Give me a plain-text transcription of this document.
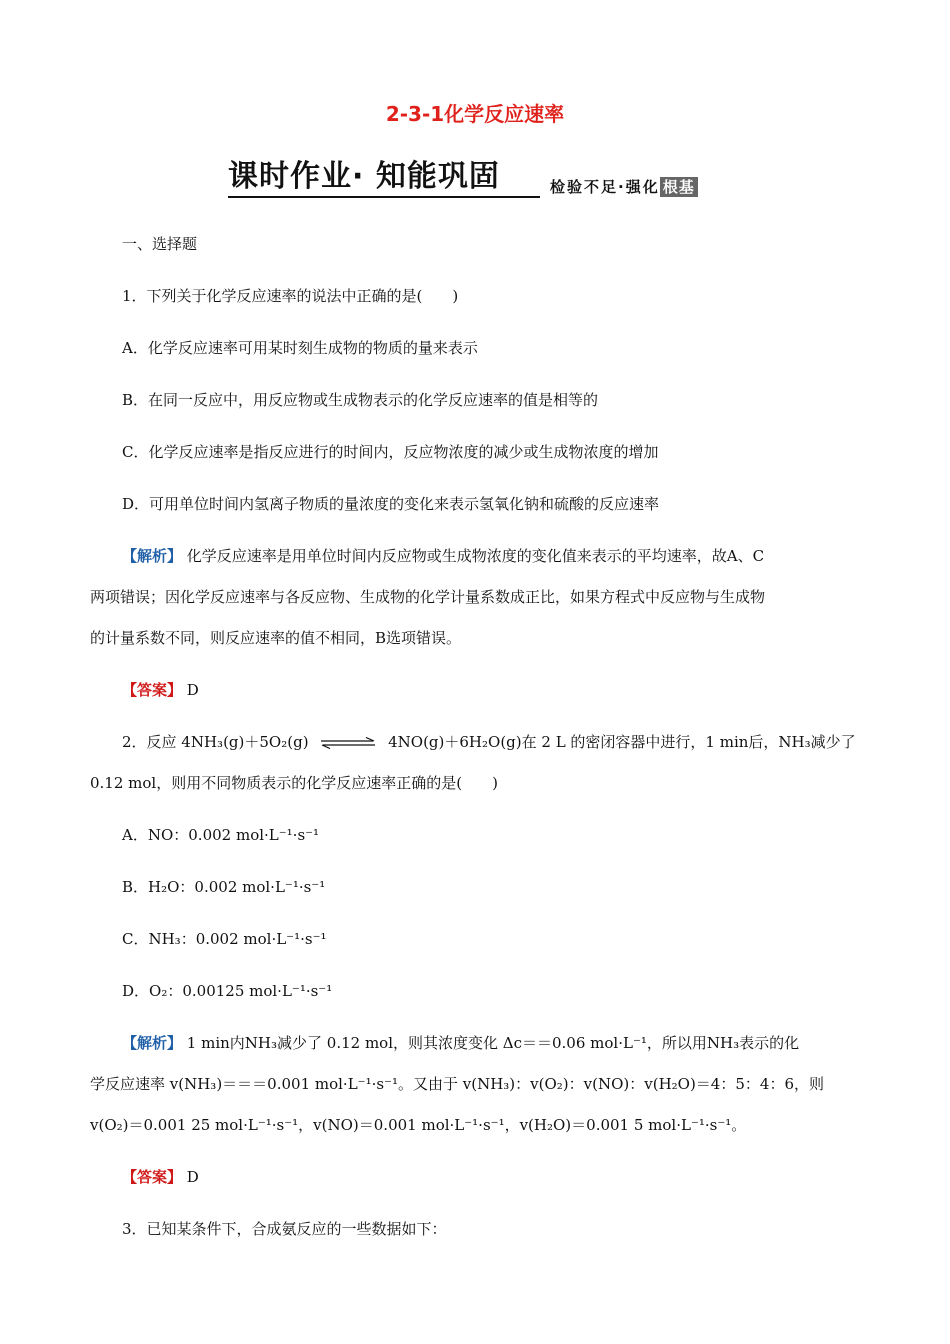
2-3-1化学反应速率
课时作业· 知能巩固	检验不足·强化 根基
一、选择题
1．下列关于化学反应速率的说法中正确的是(　　)
A．化学反应速率可用某时刻生成物的物质的量来表示
B．在同一反应中，用反应物或生成物表示的化学反应速率的值是相等的
C．化学反应速率是指反应进行的时间内，反应物浓度的减少或生成物浓度的增加
D．可用单位时间内氢离子物质的量浓度的变化来表示氢氧化钠和硫酸的反应速率
【解析】 化学反应速率是用单位时间内反应物或生成物浓度的变化值来表示的平均速率，故A、C
两项错误；因化学反应速率与各反应物、生成物的化学计量系数成正比，如果方程式中反应物与生成物
的计量系数不同，则反应速率的值不相同，B选项错误。
【答案】 D
2．反应 4NH₃(g)＋5O₂(g) ⇌ 4NO(g)＋6H₂O(g)在 2 L 的密闭容器中进行，1 min后，NH₃减少了
0.12 mol，则用不同物质表示的化学反应速率正确的是(　　)
A．NO：0.002 mol·L⁻¹·s⁻¹
B．H₂O：0.002 mol·L⁻¹·s⁻¹
C．NH₃：0.002 mol·L⁻¹·s⁻¹
D．O₂：0.00125 mol·L⁻¹·s⁻¹
【解析】 1 min内NH₃减少了 0.12 mol，则其浓度变化 Δc＝＝0.06 mol·L⁻¹，所以用NH₃表示的化
学反应速率 v(NH₃)＝＝＝0.001 mol·L⁻¹·s⁻¹。又由于 v(NH₃)：v(O₂)：v(NO)：v(H₂O)＝4：5：4：6，则
v(O₂)＝0.001 25 mol·L⁻¹·s⁻¹，v(NO)＝0.001 mol·L⁻¹·s⁻¹，v(H₂O)＝0.001 5 mol·L⁻¹·s⁻¹。
【答案】 D
3．已知某条件下，合成氨反应的一些数据如下：
